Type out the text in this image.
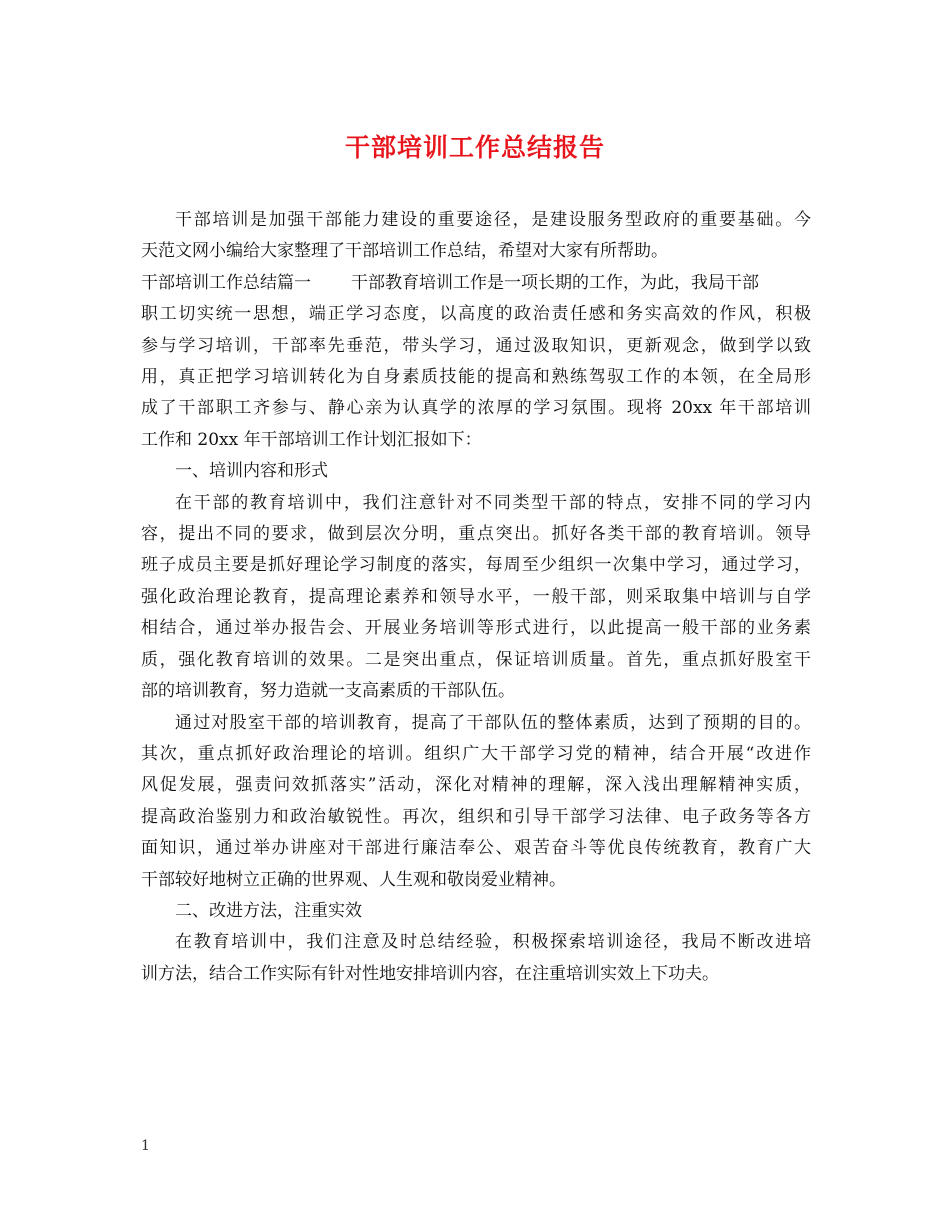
干部培训工作总结报告
干部培训是加强干部能力建设的重要途径，是建设服务型政府的重要基础。今
天范文网小编给大家整理了干部培训工作总结，希望对大家有所帮助。
干部培训工作总结篇一 干部教育培训工作是一项长期的工作，为此，我局干部
职工切实统一思想，端正学习态度，以高度的政治责任感和务实高效的作风，积极
参与学习培训，干部率先垂范，带头学习，通过汲取知识，更新观念，做到学以致
用，真正把学习培训转化为自身素质技能的提高和熟练驾驭工作的本领，在全局形
成了干部职工齐参与、静心亲为认真学的浓厚的学习氛围。现将 20xx 年干部培训
工作和 20xx 年干部培训工作计划汇报如下：
一、培训内容和形式
在干部的教育培训中，我们注意针对不同类型干部的特点，安排不同的学习内
容，提出不同的要求，做到层次分明，重点突出。抓好各类干部的教育培训。领导
班子成员主要是抓好理论学习制度的落实，每周至少组织一次集中学习，通过学习，
强化政治理论教育，提高理论素养和领导水平，一般干部，则采取集中培训与自学
相结合，通过举办报告会、开展业务培训等形式进行，以此提高一般干部的业务素
质，强化教育培训的效果。二是突出重点，保证培训质量。首先，重点抓好股室干
部的培训教育，努力造就一支高素质的干部队伍。
通过对股室干部的培训教育，提高了干部队伍的整体素质，达到了预期的目的。
其次，重点抓好政治理论的培训。组织广大干部学习党的精神，结合开展“改进作
风促发展，强责问效抓落实”活动，深化对精神的理解，深入浅出理解精神实质，
提高政治鉴别力和政治敏锐性。再次，组织和引导干部学习法律、电子政务等各方
面知识，通过举办讲座对干部进行廉洁奉公、艰苦奋斗等优良传统教育，教育广大
干部较好地树立正确的世界观、人生观和敬岗爱业精神。
二、改进方法，注重实效
在教育培训中，我们注意及时总结经验，积极探索培训途径，我局不断改进培
训方法，结合工作实际有针对性地安排培训内容，在注重培训实效上下功夫。
1
